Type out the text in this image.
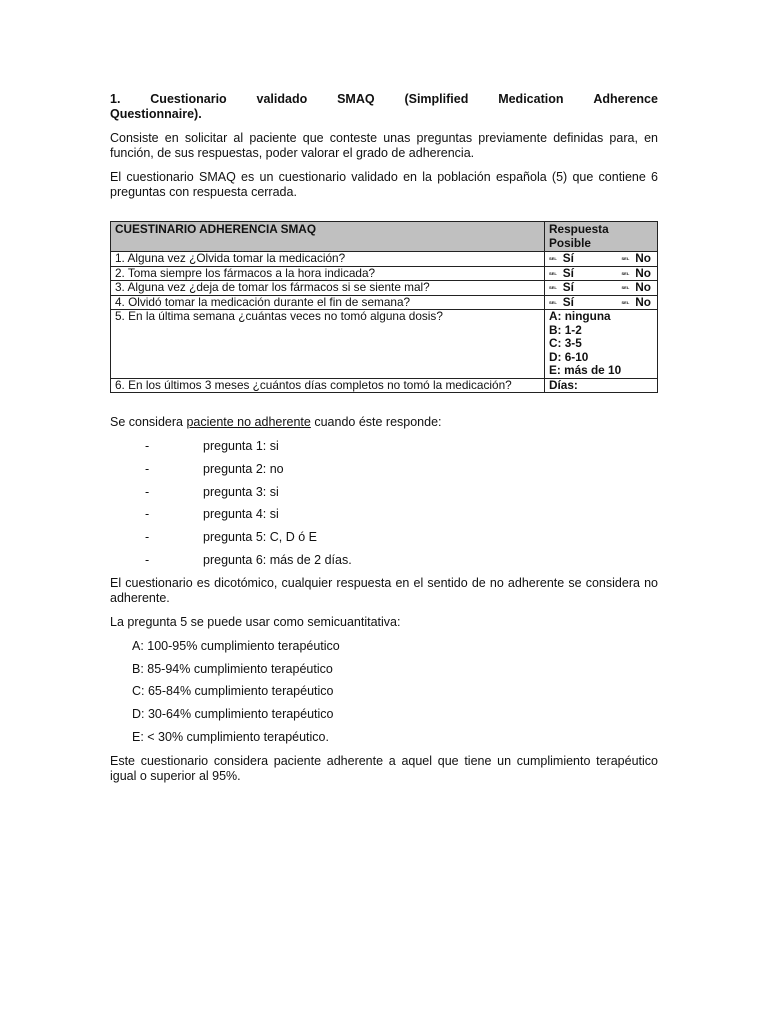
1. Cuestionario validado SMAQ (Simplified Medication Adherence
Questionnaire).

Consiste en solicitar al paciente que conteste unas preguntas previamente definidas para, en función, de sus respuestas, poder valorar el grado de adherencia.

El cuestionario SMAQ es un cuestionario validado en la población española (5) que contiene 6 preguntas con respuesta cerrada.

CUESTINARIO ADHERENCIA SMAQ	Respuesta Posible
1. Alguna vez ¿Olvida tomar la medicación?	SEL Sí SEL No

2. Toma siempre los fármacos a la hora indicada?	SEL Sí SEL No

3. Alguna vez ¿deja de tomar los fármacos si se siente mal?	SEL Sí SEL No

4. Olvidó tomar la medicación durante el fin de semana?	SEL Sí SEL No

5. En la última semana ¿cuántas veces no tomó alguna dosis?	A: ninguna
B: 1-2
C: 3-5
D: 6-10
E: más de 10

6. En los últimos 3 meses ¿cuántos días completos no tomó la medicación?	Días:

Se considera paciente no adherente cuando éste responde:

-	pregunta 1: si
-	pregunta 2: no
-	pregunta 3: si
-	pregunta 4: si
-	pregunta 5: C, D ó E
-	pregunta 6: más de 2 días.

El cuestionario es dicotómico, cualquier respuesta en el sentido de no adherente se considera no adherente.

La pregunta 5 se puede usar como semicuantitativa:

A: 100-95% cumplimiento terapéutico
B: 85-94% cumplimiento terapéutico
C: 65-84% cumplimiento terapéutico
D: 30-64% cumplimiento terapéutico
E: < 30% cumplimiento terapéutico.

Este cuestionario considera paciente adherente a aquel que tiene un cumplimiento terapéutico igual o superior al 95%.
